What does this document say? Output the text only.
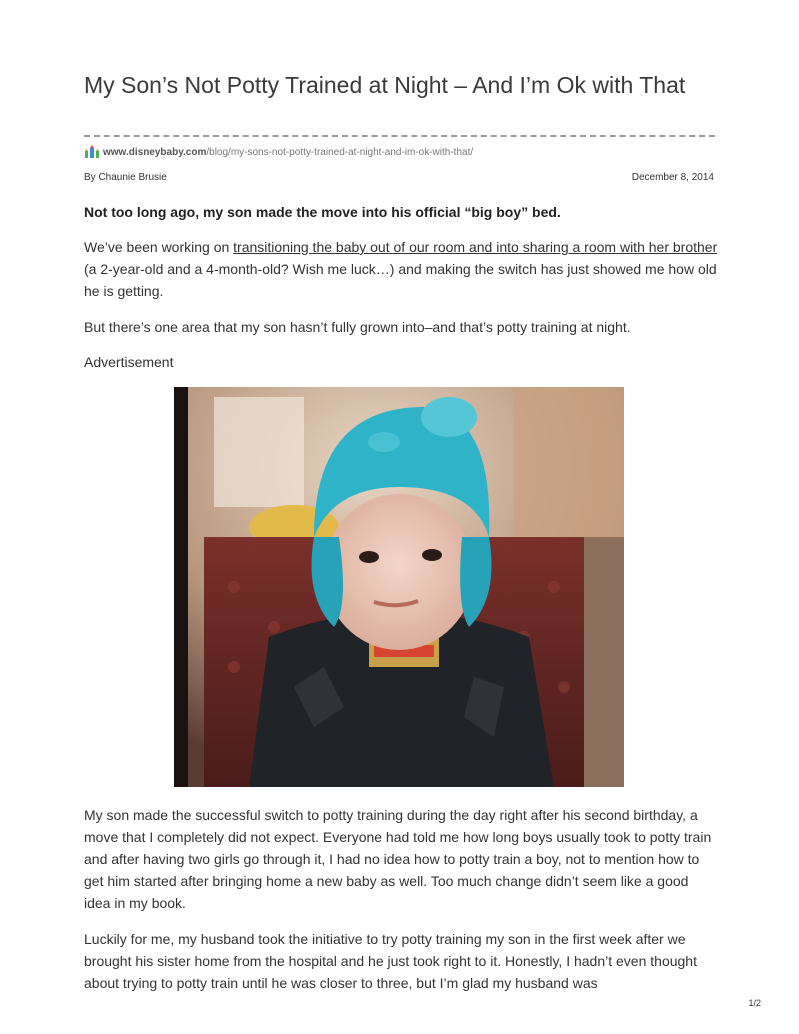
My Son’s Not Potty Trained at Night – And I’m Ok with That
www.disneybaby.com /blog/my-sons-not-potty-trained-at-night-and-im-ok-with-that/
By Chaunie Brusie	December 8, 2014

Not too long ago, my son made the move into his official “big boy” bed.

We’ve been working on transitioning the baby out of our room and into sharing a room with her brother (a 2-year-old and a 4-month-old? Wish me luck…) and making the switch has just showed me how old he is getting.

But there’s one area that my son hasn’t fully grown into–and that’s potty training at night.

Advertisement

My son made the successful switch to potty training during the day right after his second birthday, a move that I completely did not expect. Everyone had told me how long boys usually took to potty train and after having two girls go through it, I had no idea how to potty train a boy, not to mention how to get him started after bringing home a new baby as well. Too much change didn’t seem like a good idea in my book.

Luckily for me, my husband took the initiative to try potty training my son in the first week after we brought his sister home from the hospital and he just took right to it. Honestly, I hadn’t even thought about trying to potty train until he was closer to three, but I’m glad my husband was

1/2
